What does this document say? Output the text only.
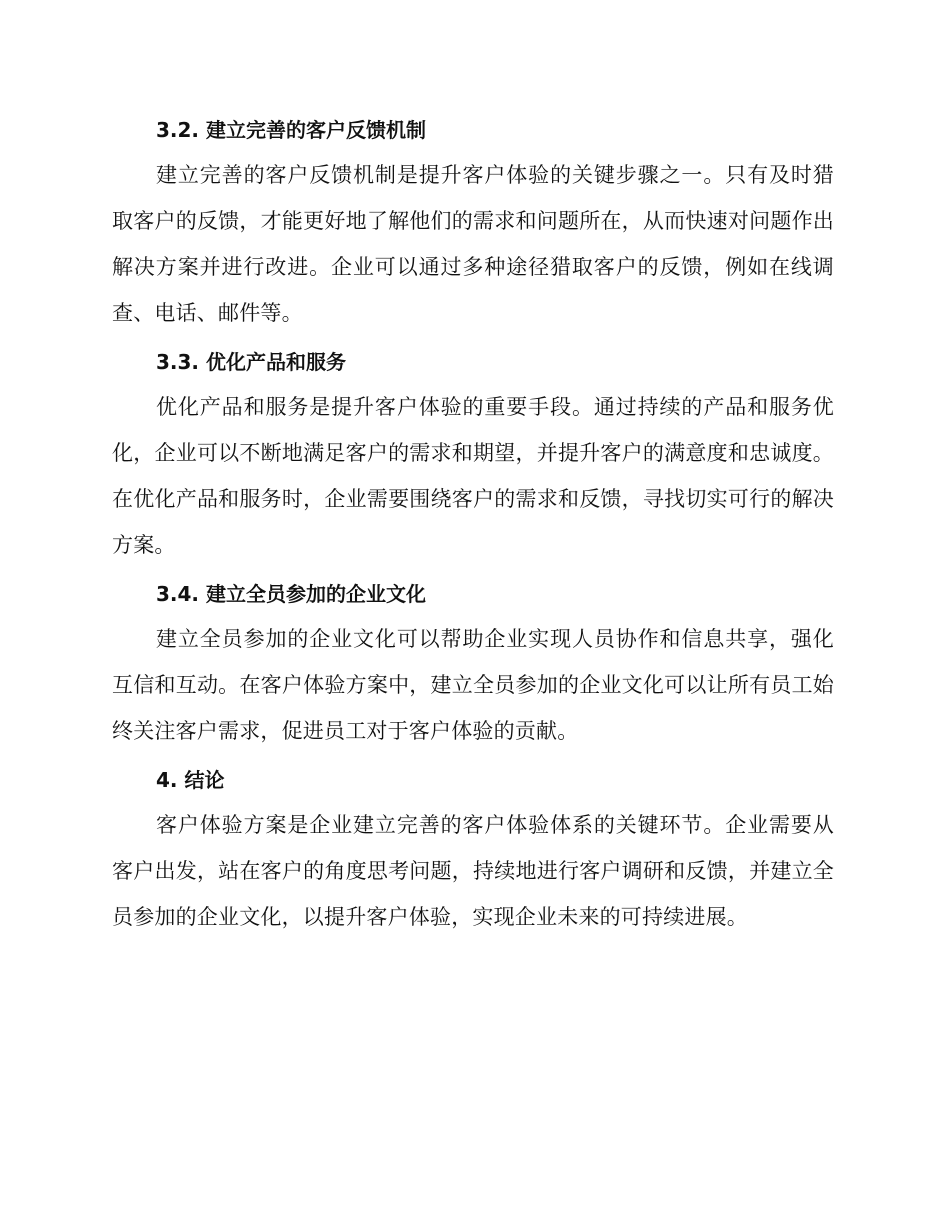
3.2. 建立完善的客户反馈机制

建立完善的客户反馈机制是提升客户体验的关键步骤之一。只有及时猎取客户的反馈，才能更好地了解他们的需求和问题所在，从而快速对问题作出解决方案并进行改进。企业可以通过多种途径猎取客户的反馈，例如在线调查、电话、邮件等。

3.3. 优化产品和服务

优化产品和服务是提升客户体验的重要手段。通过持续的产品和服务优化，企业可以不断地满足客户的需求和期望，并提升客户的满意度和忠诚度。在优化产品和服务时，企业需要围绕客户的需求和反馈，寻找切实可行的解决方案。

3.4. 建立全员参加的企业文化

建立全员参加的企业文化可以帮助企业实现人员协作和信息共享，强化互信和互动。在客户体验方案中，建立全员参加的企业文化可以让所有员工始终关注客户需求，促进员工对于客户体验的贡献。

4. 结论

客户体验方案是企业建立完善的客户体验体系的关键环节。企业需要从客户出发，站在客户的角度思考问题，持续地进行客户调研和反馈，并建立全员参加的企业文化，以提升客户体验，实现企业未来的可持续进展。
